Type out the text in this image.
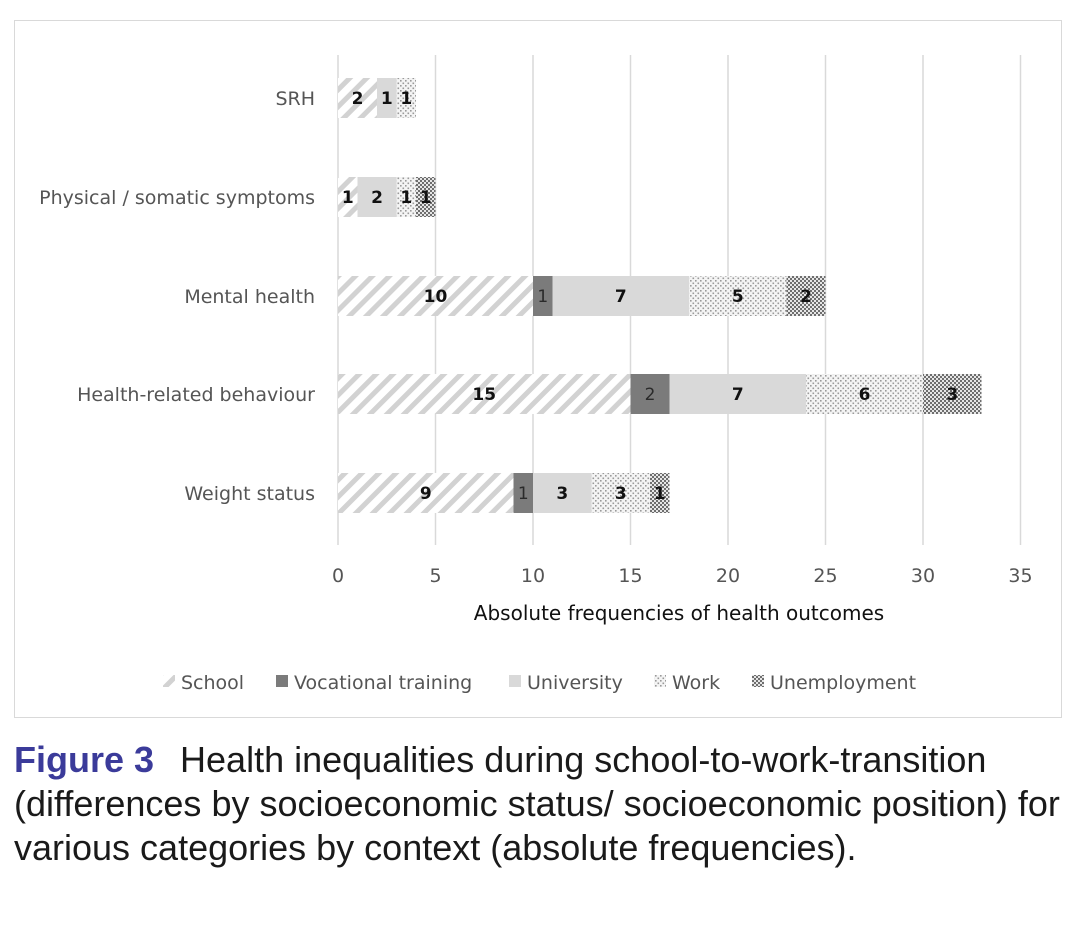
2 1 1
1 2 1 1
10	1	7	5	2
15	2	7	6	3
9	1 3	3 1
SRH
Physical / somatic symptoms
Mental health
Health-related behaviour
Weight status
0	5	10	15	20	25	30	35
Absolute frequencies of health outcomes
School	Vocational training	University	Work	Unemployment
Figure 3 Health inequalities during school-to-work-transition (differences by socioeconomic status/ socioeconomic position) for various categories by context (absolute frequencies).
